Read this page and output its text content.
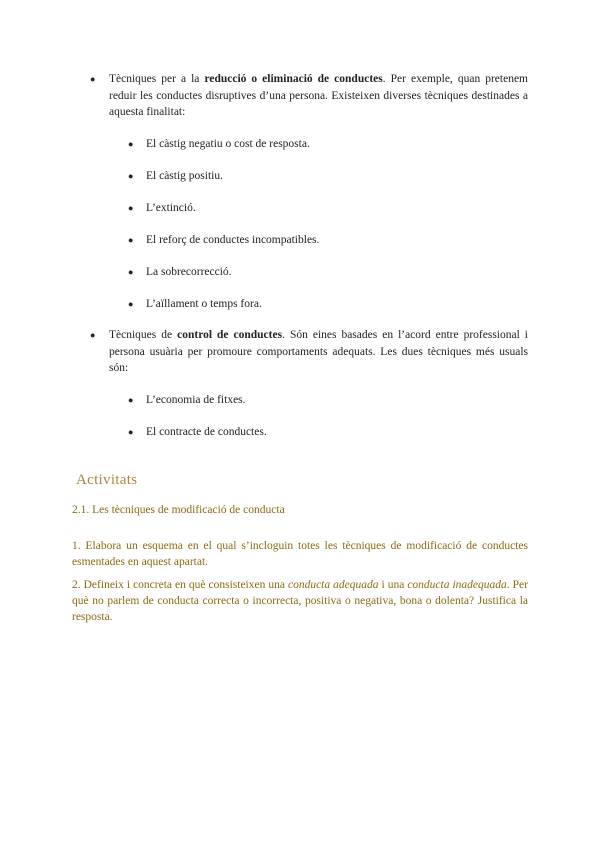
● Tècniques per a la reducció o eliminació de conductes. Per exemple, quan pretenem reduir les conductes disruptives d’una persona. Existeixen diverses tècniques destinades a aquesta finalitat:
● El càstig negatiu o cost de resposta.
● El càstig positiu.
● L’extinció.
● El reforç de conductes incompatibles.
● La sobrecorrecció.
● L’aïllament o temps fora.
● Tècniques de control de conductes. Són eines basades en l’acord entre professional i persona usuària per promoure comportaments adequats. Les dues tècniques més usuals són:
● L’economia de fitxes.
● El contracte de conductes.
Activitats
2.1. Les tècniques de modificació de conducta
1. Elabora un esquema en el qual s’incloguin totes les tècniques de modificació de conductes esmentades en aquest apartat.
2. Defineix i concreta en què consisteixen una conducta adequada i una conducta inadequada. Per què no parlem de conducta correcta o incorrecta, positiva o negativa, bona o dolenta? Justifica la resposta.
